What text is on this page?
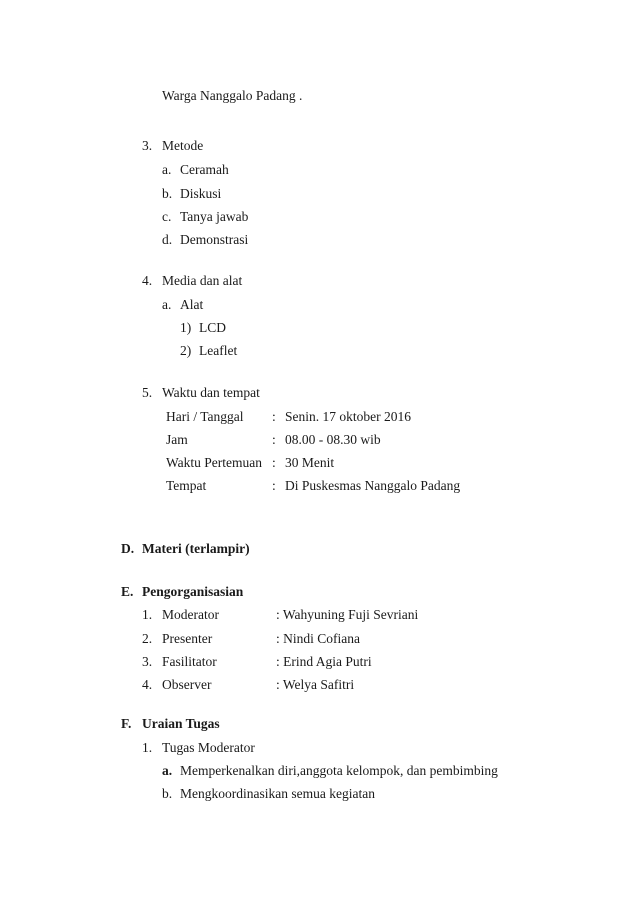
Warga Nanggalo Padang .
3. Metode
a. Ceramah
b. Diskusi
c. Tanya jawab
d. Demonstrasi
4. Media dan alat
a. Alat
1) LCD
2) Leaflet
5. Waktu dan tempat
Hari / Tanggal : Senin. 17 oktober 2016
Jam	: 08.00 - 08.30 wib
Waktu Pertemuan : 30 Menit
Tempat	: Di Puskesmas Nanggalo Padang
D. Materi (terlampir)
E. Pengorganisasian
1. Moderator	: Wahyuning Fuji Sevriani
2. Presenter	: Nindi Cofiana
3. Fasilitator	: Erind Agia Putri
4. Observer	: Welya Safitri
F. Uraian Tugas
1. Tugas Moderator
a. Memperkenalkan diri,anggota kelompok, dan pembimbing
b. Mengkoordinasikan semua kegiatan
